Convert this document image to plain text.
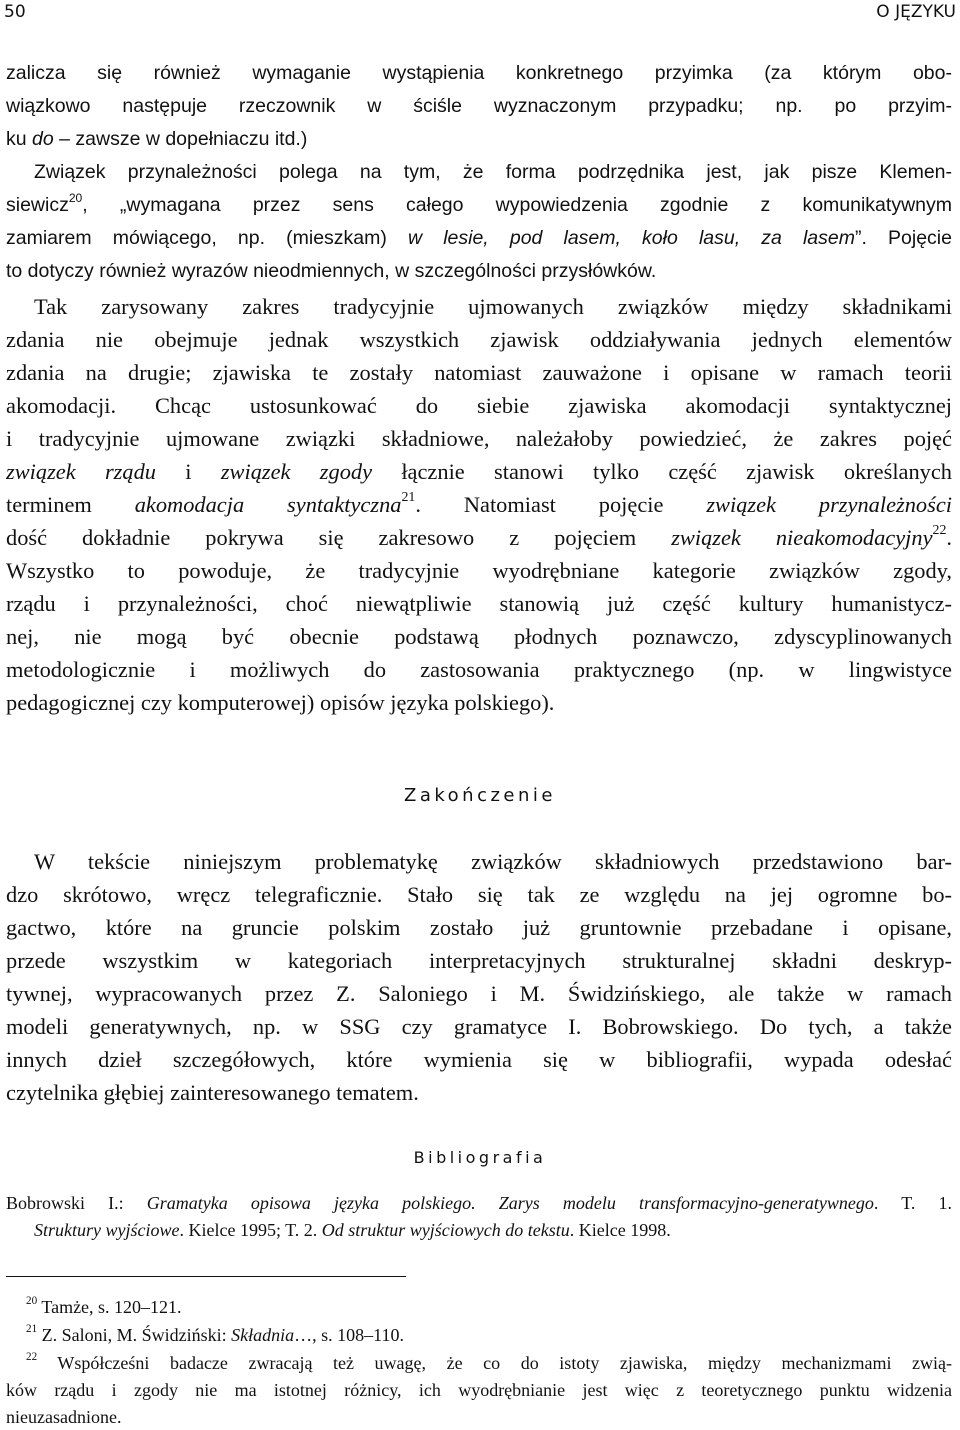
50	O JĘZYKU
zalicza się również wymaganie wystąpienia konkretnego przyimka (za którym obo-
wiązkowo następuje rzeczownik w ściśle wyznaczonym przypadku; np. po przyim-
ku do – zawsze w dopełniaczu itd.)
Związek przynależności polega na tym, że forma podrzędnika jest, jak pisze Klemen-
siewicz$^{20}$, „wymagana przez sens całego wypowiedzenia zgodnie z komunikatywnym
zamiarem mówiącego, np. (mieszkam) w lesie, pod lasem, koło lasu, za lasem”. Pojęcie
to dotyczy również wyrazów nieodmiennych, w szczególności przysłówków.
Tak zarysowany zakres tradycyjnie ujmowanych związków między składnikami
zdania nie obejmuje jednak wszystkich zjawisk oddziaływania jednych elementów
zdania na drugie; zjawiska te zostały natomiast zauważone i opisane w ramach teorii
akomodacji. Chcąc ustosunkować do siebie zjawiska akomodacji syntaktycznej
i tradycyjnie ujmowane związki składniowe, należałoby powiedzieć, że zakres pojęć
związek rządu i związek zgody łącznie stanowi tylko część zjawisk określanych
terminem akomodacja syntaktyczna$^{21}$. Natomiast pojęcie związek przynależności
dość dokładnie pokrywa się zakresowo z pojęciem związek nieakomodacyjny$^{22}$.
Wszystko to powoduje, że tradycyjnie wyodrębniane kategorie związków zgody,
rządu i przynależności, choć niewątpliwie stanowią już część kultury humanistycz-
nej, nie mogą być obecnie podstawą płodnych poznawczo, zdyscyplinowanych
metodologicznie i możliwych do zastosowania praktycznego (np. w lingwistyce
pedagogicznej czy komputerowej) opisów języka polskiego).
Zakończenie
W tekście niniejszym problematykę związków składniowych przedstawiono bar-
dzo skrótowo, wręcz telegraficznie. Stało się tak ze względu na jej ogromne bo-
gactwo, które na gruncie polskim zostało już gruntownie przebadane i opisane,
przede wszystkim w kategoriach interpretacyjnych strukturalnej składni deskryp-
tywnej, wypracowanych przez Z. Saloniego i M. Świdzińskiego, ale także w ramach
modeli generatywnych, np. w SSG czy gramatyce I. Bobrowskiego. Do tych, a także
innych dzieł szczegółowych, które wymienia się w bibliografii, wypada odesłać
czytelnika głębiej zainteresowanego tematem.
Bibliografia
Bobrowski I.: Gramatyka opisowa języka polskiego. Zarys modelu transformacyjno-generatywnego. T. 1.
Struktury wyjściowe. Kielce 1995; T. 2. Od struktur wyjściowych do tekstu. Kielce 1998.
$^{20}$ Tamże, s. 120–121.
$^{21}$ Z. Saloni, M. Świdziński: Składnia…, s. 108–110.
$^{22}$ Współcześni badacze zwracają też uwagę, że co do istoty zjawiska, między mechanizmami zwią-
ków rządu i zgody nie ma istotnej różnicy, ich wyodrębnianie jest więc z teoretycznego punktu widzenia
nieuzasadnione.
